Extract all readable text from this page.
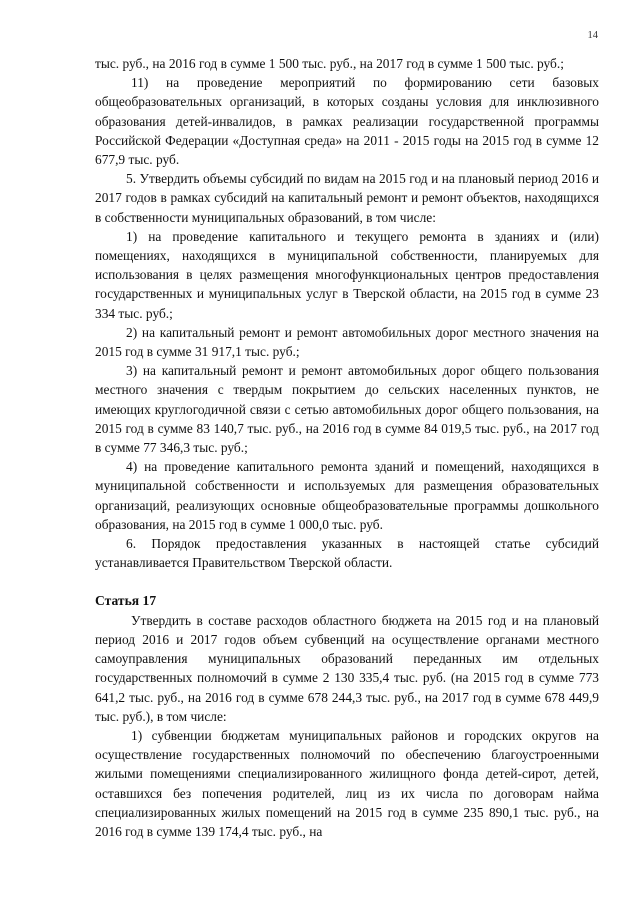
14

тыс. руб., на 2016 год в сумме 1 500 тыс. руб., на 2017 год в сумме 1 500 тыс. руб.;

11) на проведение мероприятий по формированию сети базовых общеобразовательных организаций, в которых созданы условия для инклюзивного образования детей-инвалидов, в рамках реализации государственной программы Российской Федерации «Доступная среда» на 2011 - 2015 годы на 2015 год в сумме 12 677,9 тыс. руб.

5. Утвердить объемы субсидий по видам на 2015 год и на плановый период 2016 и 2017 годов в рамках субсидий на капитальный ремонт и ремонт объектов, находящихся в собственности муниципальных образований, в том числе:

1) на проведение капитального и текущего ремонта в зданиях и (или) помещениях, находящихся в муниципальной собственности, планируемых для использования в целях размещения многофункциональных центров предоставления государственных и муниципальных услуг в Тверской области, на 2015 год в сумме 23 334 тыс. руб.;

2) на капитальный ремонт и ремонт автомобильных дорог местного значения на 2015 год в сумме 31 917,1 тыс. руб.;

3) на капитальный ремонт и ремонт автомобильных дорог общего пользования местного значения с твердым покрытием до сельских населенных пунктов, не имеющих круглогодичной связи с сетью автомобильных дорог общего пользования, на 2015 год в сумме 83 140,7 тыс. руб., на 2016 год в сумме 84 019,5 тыс. руб., на 2017 год в сумме 77 346,3 тыс. руб.;

4) на проведение капитального ремонта зданий и помещений, находящихся в муниципальной собственности и используемых для размещения образовательных организаций, реализующих основные общеобразовательные программы дошкольного образования, на 2015 год в сумме 1 000,0 тыс. руб.

6. Порядок предоставления указанных в настоящей статье субсидий устанавливается Правительством Тверской области.

Статья 17

Утвердить в составе расходов областного бюджета на 2015 год и на плановый период 2016 и 2017 годов объем субвенций на осуществление органами местного самоуправления муниципальных образований переданных им отдельных государственных полномочий в сумме 2 130 335,4 тыс. руб. (на 2015 год в сумме 773 641,2 тыс. руб., на 2016 год в сумме 678 244,3 тыс. руб., на 2017 год в сумме 678 449,9 тыс. руб.), в том числе:

1) субвенции бюджетам муниципальных районов и городских округов на осуществление государственных полномочий по обеспечению благоустроенными жилыми помещениями специализированного жилищного фонда детей-сирот, детей, оставшихся без попечения родителей, лиц из их числа по договорам найма специализированных жилых помещений на 2015 год в сумме 235 890,1 тыс. руб., на 2016 год в сумме 139 174,4 тыс. руб., на
